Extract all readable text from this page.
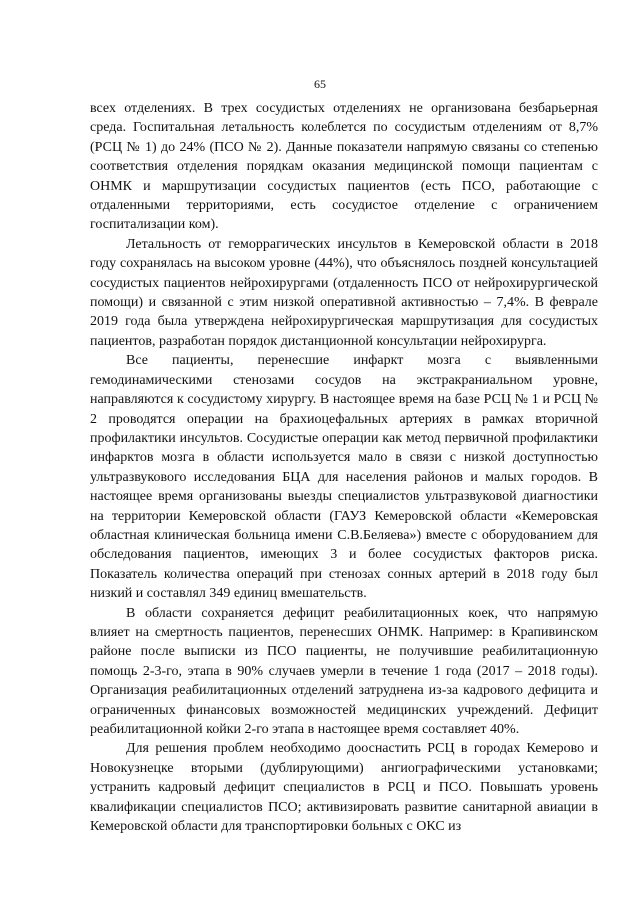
65

всех отделениях. В трех сосудистых отделениях не организована безбарьерная среда. Госпитальная летальность колеблется по сосудистым отделениям от 8,7% (РСЦ № 1) до 24% (ПСО № 2). Данные показатели напрямую связаны со степенью соответствия отделения порядкам оказания медицинской помощи пациентам с ОНМК и маршрутизации сосудистых пациентов (есть ПСО, работающие с отдаленными территориями, есть сосудистое отделение с ограничением госпитализации ком).

Летальность от геморрагических инсультов в Кемеровской области в 2018 году сохранялась на высоком уровне (44%), что объяснялось поздней консультацией сосудистых пациентов нейрохирургами (отдаленность ПСО от нейрохирургической помощи) и связанной с этим низкой оперативной активностью – 7,4%. В феврале 2019 года была утверждена нейрохирургическая маршрутизация для сосудистых пациентов, разработан порядок дистанционной консультации нейрохирурга.

Все пациенты, перенесшие инфаркт мозга с выявленными гемодинамическими стенозами сосудов на экстракраниальном уровне, направляются к сосудистому хирургу. В настоящее время на базе РСЦ № 1 и РСЦ № 2 проводятся операции на брахиоцефальных артериях в рамках вторичной профилактики инсультов. Сосудистые операции как метод первичной профилактики инфарктов мозга в области используется мало в связи с низкой доступностью ультразвукового исследования БЦА для населения районов и малых городов. В настоящее время организованы выезды специалистов ультразвуковой диагностики на территории Кемеровской области (ГАУЗ Кемеровской области «Кемеровская областная клиническая больница имени С.В.Беляева») вместе с оборудованием для обследования пациентов, имеющих 3 и более сосудистых факторов риска. Показатель количества операций при стенозах сонных артерий в 2018 году был низкий и составлял 349 единиц вмешательств.

В области сохраняется дефицит реабилитационных коек, что напрямую влияет на смертность пациентов, перенесших ОНМК. Например: в Крапивинском районе после выписки из ПСО пациенты, не получившие реабилитационную помощь 2-3-го, этапа в 90% случаев умерли в течение 1 года (2017 – 2018 годы). Организация реабилитационных отделений затруднена из-за кадрового дефицита и ограниченных финансовых возможностей медицинских учреждений. Дефицит реабилитационной койки 2-го этапа в настоящее время составляет 40%.

Для решения проблем необходимо дооснастить РСЦ в городах Кемерово и Новокузнецке вторыми (дублирующими) ангиографическими установками; устранить кадровый дефицит специалистов в РСЦ и ПСО. Повышать уровень квалификации специалистов ПСО; активизировать развитие санитарной авиации в Кемеровской области для транспортировки больных с ОКС из
